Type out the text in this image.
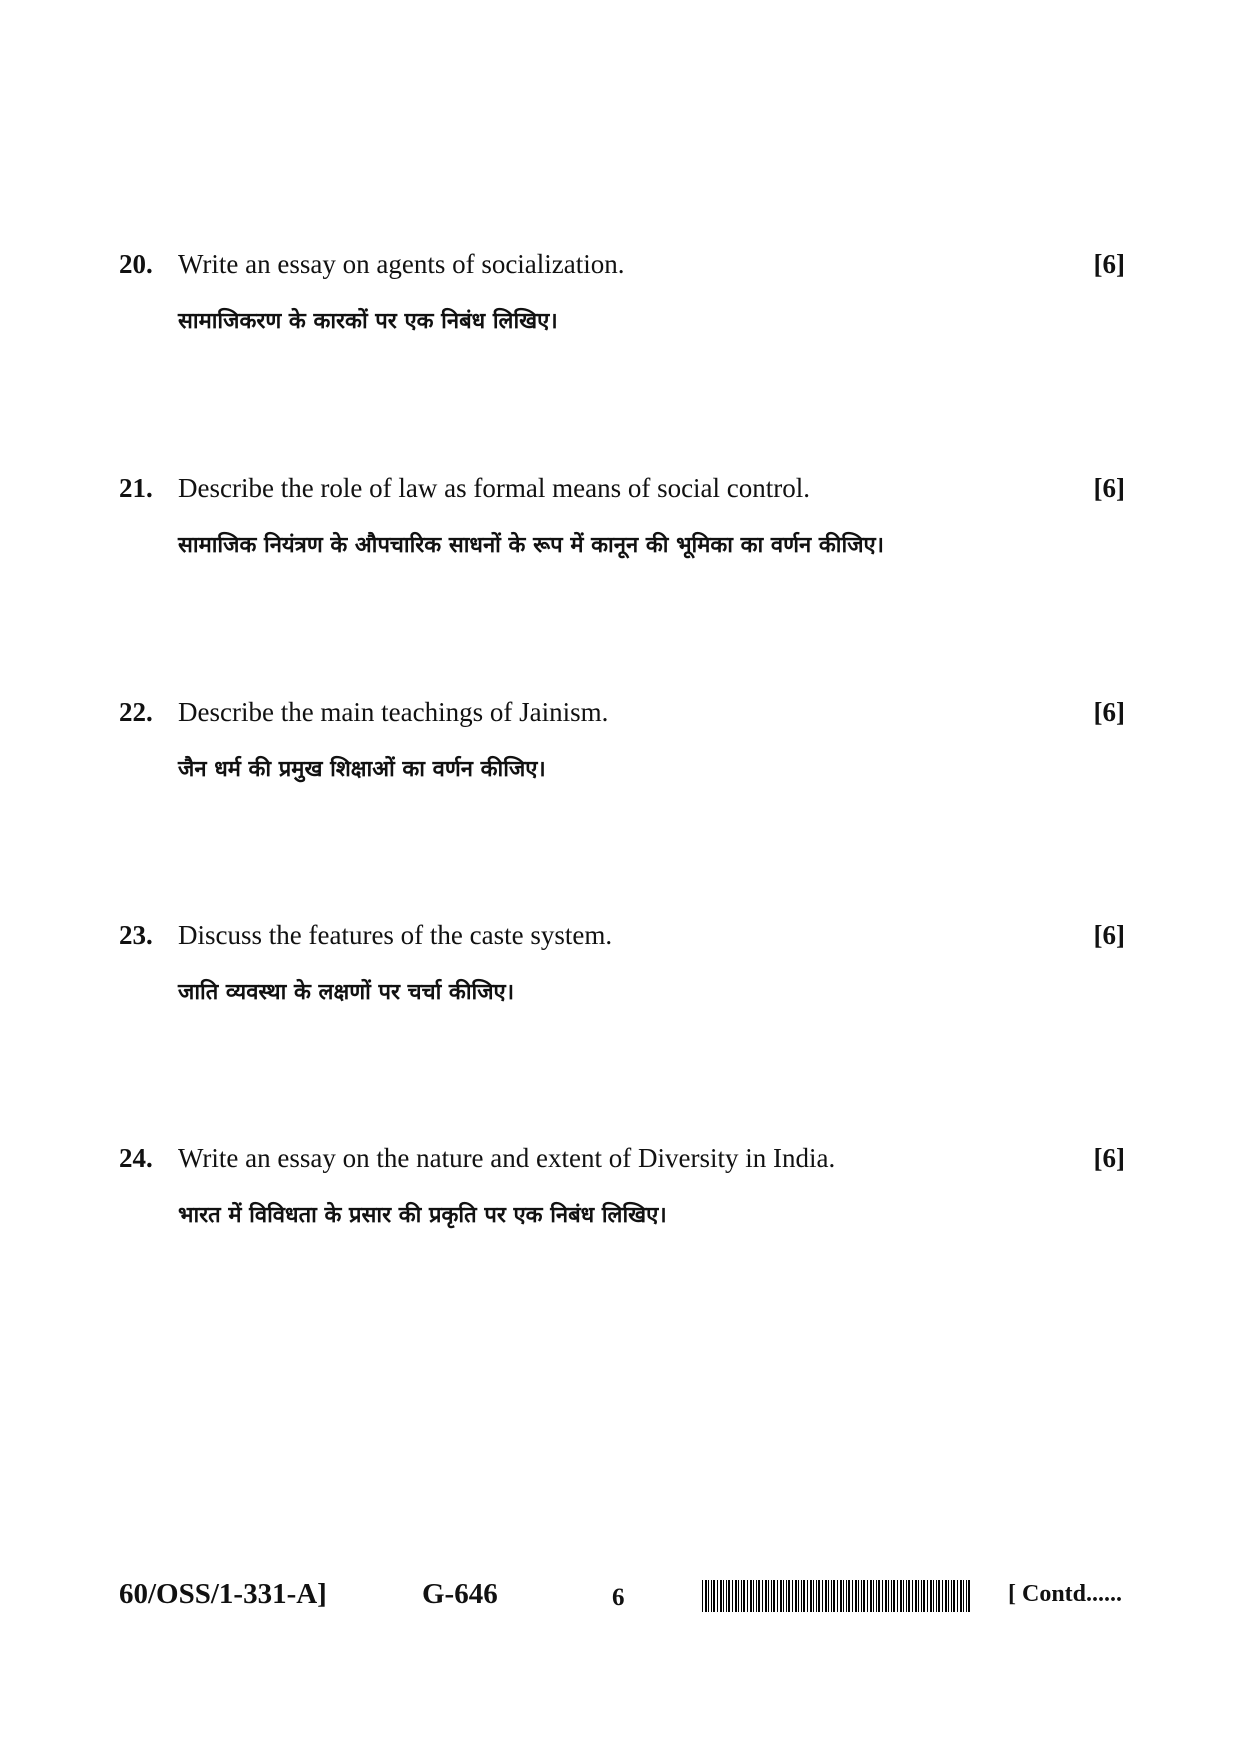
20. Write an essay on agents of socialization.	[6]
सामाजिकरण के कारकों पर एक निबंध लिखिए।
21. Describe the role of law as formal means of social control.	[6]
सामाजिक नियंत्रण के औपचारिक साधनों के रूप में कानून की भूमिका का वर्णन कीजिए।
22. Describe the main teachings of Jainism.	[6]
जैन धर्म की प्रमुख शिक्षाओं का वर्णन कीजिए।
23. Discuss the features of the caste system.	[6]
जाति व्यवस्था के लक्षणों पर चर्चा कीजिए।
24. Write an essay on the nature and extent of Diversity in India.	[6]
भारत में विविधता के प्रसार की प्रकृति पर एक निबंध लिखिए।
60/OSS/1-331-A]	G-646	6	[ Contd......
